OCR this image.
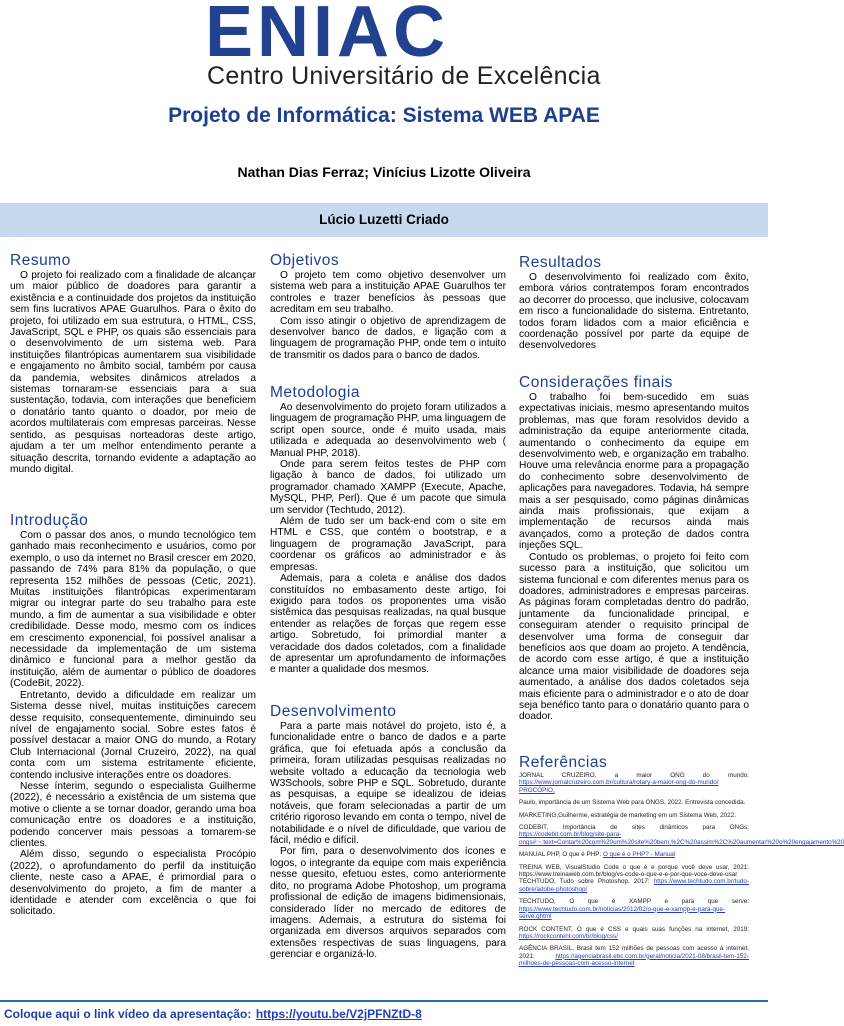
ENIAC
Centro Universitário de Excelência
Projeto de Informática: Sistema WEB APAE
Nathan Dias Ferraz; Vinícius Lizotte Oliveira
Lúcio Luzetti Criado
Resumo

O projeto foi realizado com a finalidade de alcançar um maior público de doadores para garantir a existência e a continuidade dos projetos da instituição sem fins lucrativos APAE Guarulhos. Para o êxito do projeto, foi utilizado em sua estrutura, o HTML, CSS, JavaScript, SQL e PHP, os quais são essenciais para o desenvolvimento de um sistema web. Para instituições filantrópicas aumentarem sua visibilidade e engajamento no âmbito social, também por causa da pandemia, websites dinâmicos atrelados a sistemas tornaram-se essenciais para a sua sustentação, todavia, com interações que beneficiem o donatário tanto quanto o doador, por meio de acordos multilaterais com empresas parceiras. Nesse sentido, as pesquisas norteadoras deste artigo, ajudam a ter um melhor entendimento perante a situação descrita, tornando evidente a adaptação ao mundo digital.

Introdução

Com o passar dos anos, o mundo tecnológico tem ganhado mais reconhecimento e usuários, como por exemplo, o uso da internet no Brasil crescer em 2020, passando de 74% para 81% da população, o que representa 152 milhões de pessoas (Cetic, 2021). Muitas instituições filantrópicas experimentaram migrar ou integrar parte do seu trabalho para este mundo, a fim de aumentar a sua visibilidade e obter credibilidade. Desse modo, mesmo com os índices em crescimento exponencial, foi possível analisar a necessidade da implementação de um sistema dinâmico e funcional para a melhor gestão da instituição, além de aumentar o público de doadores (CodeBit, 2022).

Entretanto, devido a dificuldade em realizar um Sistema desse nível, muitas instituições carecem desse requisito, consequentemente, diminuindo seu nível de engajamento social. Sobre estes fatos é possível destacar a maior ONG do mundo, a Rotary Club Internacional (Jornal Cruzeiro, 2022), na qual conta com um sistema estritamente eficiente, contendo inclusive interações entre os doadores.

Nesse ínterim, segundo o especialista Guilherme (2022), é necessário a existência de um sistema que motive o cliente a se tornar doador, gerando uma boa comunicação entre os doadores e a instituição, podendo concerver mais pessoas a tornarem-se clientes.

Além disso, segundo o especialista Procópio (2022), o aprofundamento do perfil da instituição cliente, neste caso a APAE, é primordial para o desenvolvimento do projeto, a fim de manter a identidade e atender com excelência o que foi solicitado.

Objetivos

O projeto tem como objetivo desenvolver um sistema web para a instituição APAE Guarulhos ter controles e trazer benefícios às pessoas que acreditam em seu trabalho.

Com isso atingir o objetivo de aprendizagem de desenvolver banco de dados, e ligação com a linguagem de programação PHP, onde tem o intuito de transmitir os dados para o banco de dados.

Metodologia

Ao desenvolvimento do projeto foram utilizados a linguagem de programação PHP, uma linguagem de script open source, onde é muito usada, mais utilizada e adequada ao desenvolvimento web ( Manual PHP, 2018).

Onde para serem feitos testes de PHP com ligação à banco de dados, foi utilizado um programador chamado XAMPP (Execute, Apache, MySQL, PHP, Perl). Que é um pacote que simula um servidor (Techtudo, 2012).

Além de tudo ser um back-end com o site em HTML e CSS, que contém o bootstrap, e a linguagem de programação JavaScript, para coordenar os gráficos ao administrador e às empresas.

Ademais, para a coleta e análise dos dados constituídos no embasamento deste artigo, foi exigido para todos os proponentes uma visão sistêmica das pesquisas realizadas, na qual busque entender as relações de forças que regem esse artigo. Sobretudo, foi primordial manter a veracidade dos dados coletados, com a finalidade de apresentar um aprofundamento de informações e manter a qualidade dos mesmos.

Desenvolvimento

Para a parte mais notável do projeto, isto é, a funcionalidade entre o banco de dados e a parte gráfica, que foi efetuada após a conclusão da primeira, foram utilizadas pesquisas realizadas no website voltado a educação da tecnologia web W3Schools, sobre PHP e SQL. Sobretudo, durante as pesquisas, a equipe se idealizou de ideias notáveis, que foram selecionadas a partir de um critério rigoroso levando em conta o tempo, nível de notabilidade e o nível de dificuldade, que variou de fácil, médio e difícil.

Por fim, para o desenvolvimento dos ícones e logos, o integrante da equipe com mais experiência nesse quesito, efetuou estes, como anteriormente dito, no programa Adobe Photoshop, um programa profissional de edição de imagens bidimensionais, considerado líder no mercado de editores de imagens. Ademais, a estrutura do sistema foi organizada em diversos arquivos separados com extensões respectivas de suas linguagens, para gerenciar e organizá-lo.

Resultados

O desenvolvimento foi realizado com êxito, embora vários contratempos foram encontrados ao decorrer do processo, que inclusive, colocavam em risco a funcionalidade do sistema. Entretanto, todos foram lidados com a maior eficiência e coordenação possível por parte da equipe de desenvolvedores

Considerações finais

O trabalho foi bem-sucedido em suas expectativas iniciais, mesmo apresentando muitos problemas, mas que foram resolvidos devido a administração da equipe anteriormente citada, aumentando o conhecimento da equipe em desenvolvimento web, e organização em trabalho. Houve uma relevância enorme para a propagação do conhecimento sobre desenvolvimento de aplicações para navegadores. Todavia, há sempre mais a ser pesquisado, como páginas dinâmicas ainda mais profissionais, que exijam a implementação de recursos ainda mais avançados, como a proteção de dados contra injeções SQL.

Contudo os problemas, o projeto foi feito com sucesso para a instituição, que solicitou um sistema funcional e com diferentes menus para os doadores, administradores e empresas parceiras. As páginas foram completadas dentro do padrão, juntamente da funcionalidade principal, e conseguiram atender o requisito principal de desenvolver uma forma de conseguir dar benefícios aos que doam ao projeto. A tendência, de acordo com esse artigo, é que a instituição alcance uma maior visibilidade de doadores seja aumentado, a análise dos dados coletados seja mais eficiente para o administrador e o ato de doar seja benéfico tanto para o donatário quanto para o doador.

Referências
JORNAL CRUZEIRO, a maior ONG do mundo: https://www.jornalcruzeiro.com.br/cultura/rotary-a-maior-ong-do-mundo/ PROCÓPIO,
Paulo, importância de um Sistema Web para ONGS, 2022. Entrevista concedida.
MARKETING,Guilherme, estratégia de marketing em um Sistema Web, 2022.
CODEBIT, Importância de sites dinâmicos para ONGs: https://codebit.com.br/blog/site-para-ongs#:~:text=Contar%20com%20um%20site%20bem,%2C%20assim%2C%20aumentar%20o%20engajamento%20
MANUAL PHP, O que é PHP: O que é o PHP? - Manual
TREINA WEB, VisualStudio Code o que é e porque você deve usar, 2021: https://www.treinaweb.com.br/blog/vs-code-o-que-e-e-por-que-voce-deve-usar TECHTUDO, Tudo sobre Photoshop, 2017: https://www.techtudo.com.br/tudo-sobre/adobe-photoshop/
TECHTUDO, O que é XAMPP e para que serve: https://www.techtudo.com.br/noticias/2012/02/o-que-e-xampp-e-para-que-serve.ghtml
ROCK CONTENT, O que é CSS e quais suas funções na internet, 2019: https://rockcontent.com/br/blog/css/
AGÊNCIA BRASIL, Brasil tem 152 milhões de pessoas com acesso à internet, 2021:	https://agenciabrasil.ebc.com.br/geral/noticia/2021-08/brasil-tem-152-milhoes-de-pessoas-com-acesso-internet
Coloque aqui o link vídeo da apresentação: https://youtu.be/V2jPFNZtD-8
